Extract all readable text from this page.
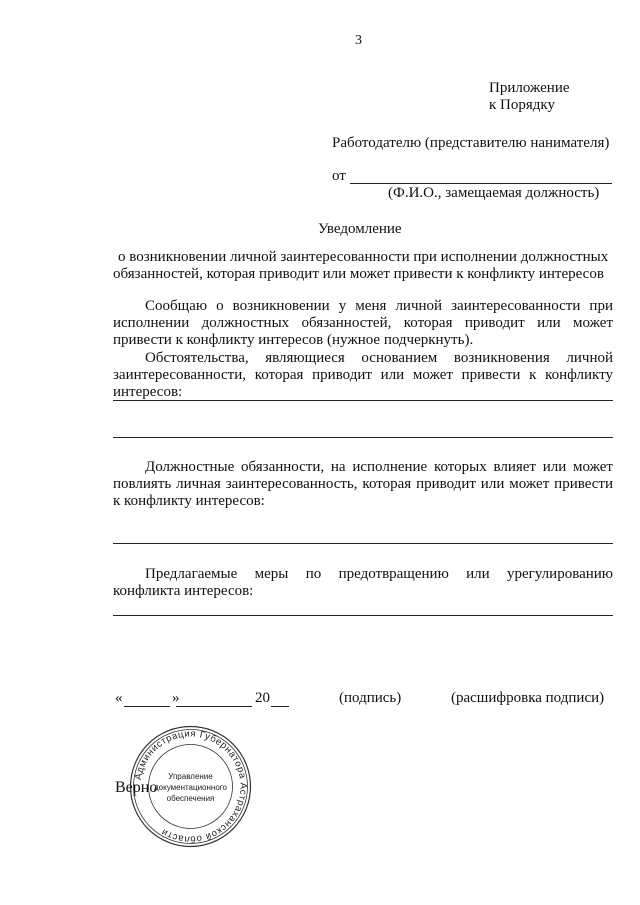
3
Приложение
к Порядку
Работодателю (представителю нанимателя)
от
(Ф.И.О., замещаемая должность)
Уведомление
о возникновении личной заинтересованности при исполнении должностных
обязанностей, которая приводит или может привести к конфликту интересов
Сообщаю о возникновении у меня личной заинтересованности при исполнении должностных обязанностей, которая приводит или может привести к конфликту интересов (нужное подчеркнуть).
Обстоятельства, являющиеся основанием возникновения личной заинтересованности, которая приводит или может привести к конфликту интересов:
Должностные обязанности, на исполнение которых влияет или может повлиять личная заинтересованность, которая приводит или может привести к конфликту интересов:
Предлагаемые меры по предотвращению или урегулированию конфликта интересов:
«	»	20	(подпись)	(расшифровка подписи)
Верно
Администрация Губернатора Астраханской области
Управление
документационного
обеспечения
